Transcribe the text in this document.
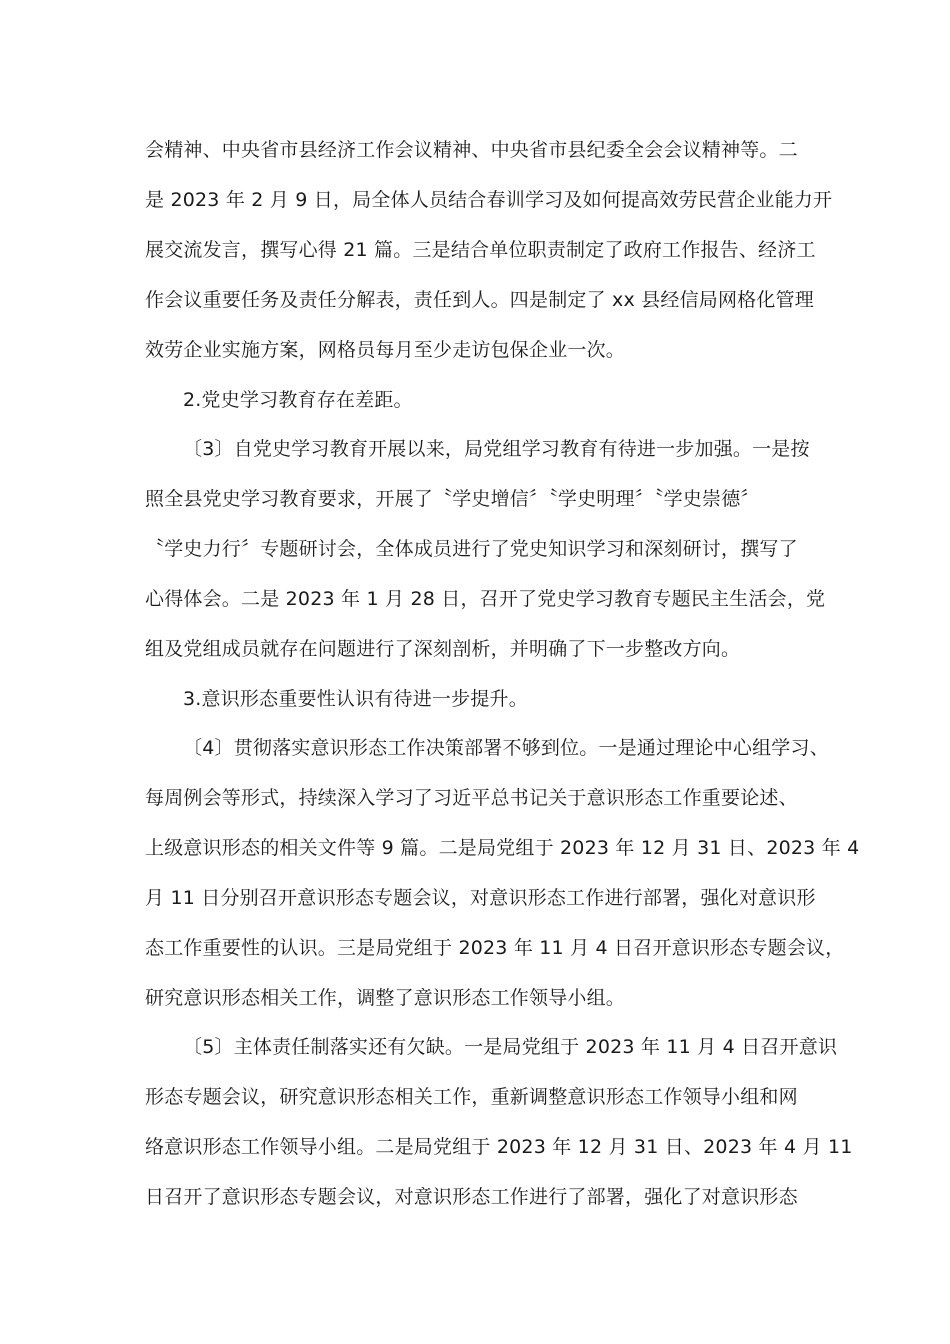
会精神、中央省市县经济工作会议精神、中央省市县纪委全会会议精神等。二
是 2023 年 2 月 9 日，局全体人员结合春训学习及如何提高效劳民营企业能力开
展交流发言，撰写心得 21 篇。三是结合单位职责制定了政府工作报告、经济工
作会议重要任务及责任分解表，责任到人。四是制定了 xx 县经信局网格化管理
效劳企业实施方案，网格员每月至少走访包保企业一次。
2.党史学习教育存在差距。
〔3〕自党史学习教育开展以来，局党组学习教育有待进一步加强。一是按
照全县党史学习教育要求，开展了〝学史增信〞〝学史明理〞〝学史崇德〞
〝学史力行〞专题研讨会，全体成员进行了党史知识学习和深刻研讨，撰写了
心得体会。二是 2023 年 1 月 28 日，召开了党史学习教育专题民主生活会，党
组及党组成员就存在问题进行了深刻剖析，并明确了下一步整改方向。
3.意识形态重要性认识有待进一步提升。
〔4〕贯彻落实意识形态工作决策部署不够到位。一是通过理论中心组学习、
每周例会等形式，持续深入学习了习近平总书记关于意识形态工作重要论述、
上级意识形态的相关文件等 9 篇。二是局党组于 2023 年 12 月 31 日、2023 年 4
月 11 日分别召开意识形态专题会议，对意识形态工作进行部署，强化对意识形
态工作重要性的认识。三是局党组于 2023 年 11 月 4 日召开意识形态专题会议，
研究意识形态相关工作，调整了意识形态工作领导小组。
〔5〕主体责任制落实还有欠缺。一是局党组于 2023 年 11 月 4 日召开意识
形态专题会议，研究意识形态相关工作，重新调整意识形态工作领导小组和网
络意识形态工作领导小组。二是局党组于 2023 年 12 月 31 日、2023 年 4 月 11
日召开了意识形态专题会议，对意识形态工作进行了部署，强化了对意识形态
